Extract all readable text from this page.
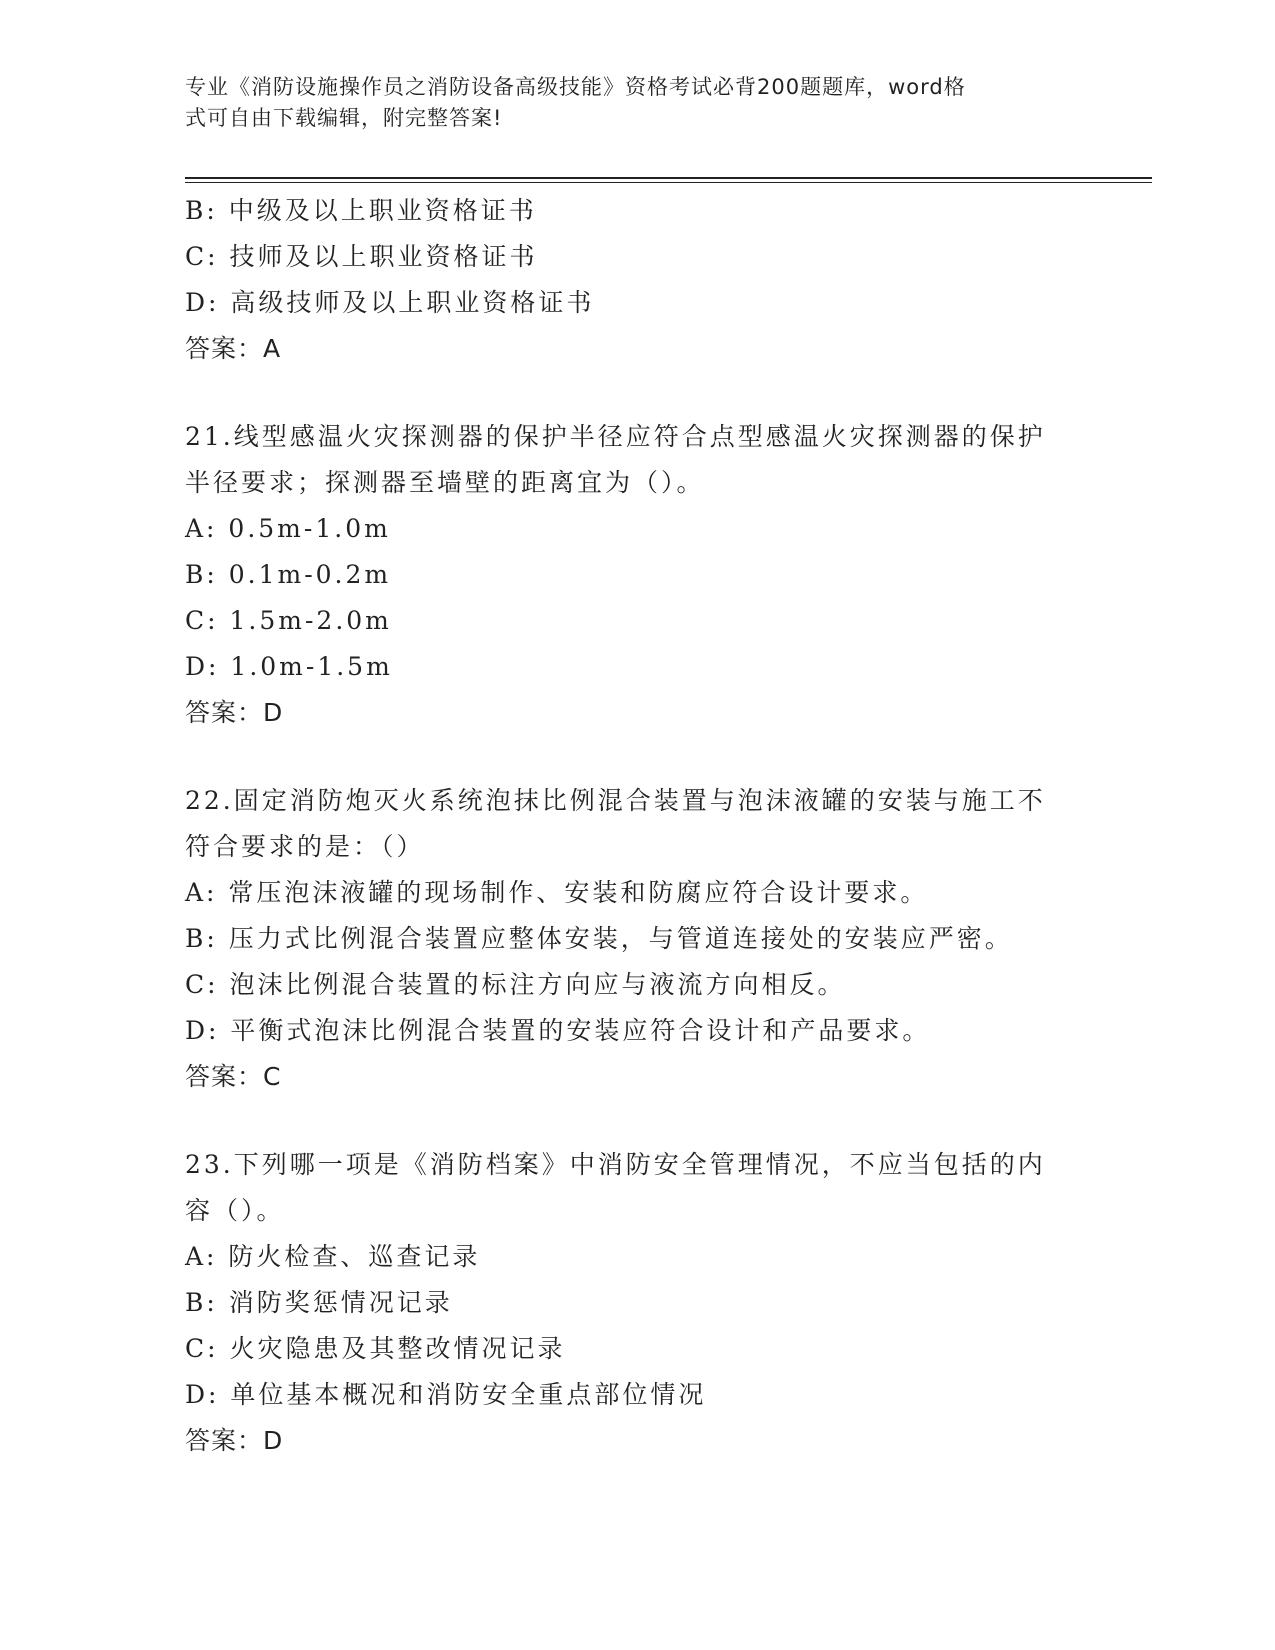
专业《消防设施操作员之消防设备高级技能》资格考试必背200题题库，word格
式可自由下载编辑，附完整答案!
B: 中级及以上职业资格证书
C: 技师及以上职业资格证书
D: 高级技师及以上职业资格证书
答案：A
21.线型感温火灾探测器的保护半径应符合点型感温火灾探测器的保护
半径要求；探测器至墙壁的距离宜为（）。
A: 0.5m-1.0m
B: 0.1m-0.2m
C: 1.5m-2.0m
D: 1.0m-1.5m
答案：D
22.固定消防炮灭火系统泡抹比例混合装置与泡沫液罐的安装与施工不
符合要求的是：（）
A: 常压泡沫液罐的现场制作、安装和防腐应符合设计要求。
B: 压力式比例混合装置应整体安装，与管道连接处的安装应严密。
C: 泡沫比例混合装置的标注方向应与液流方向相反。
D: 平衡式泡沫比例混合装置的安装应符合设计和产品要求。
答案：C
23.下列哪一项是《消防档案》中消防安全管理情况，不应当包括的内
容（）。
A: 防火检查、巡查记录
B: 消防奖惩情况记录
C: 火灾隐患及其整改情况记录
D: 单位基本概况和消防安全重点部位情况
答案：D
